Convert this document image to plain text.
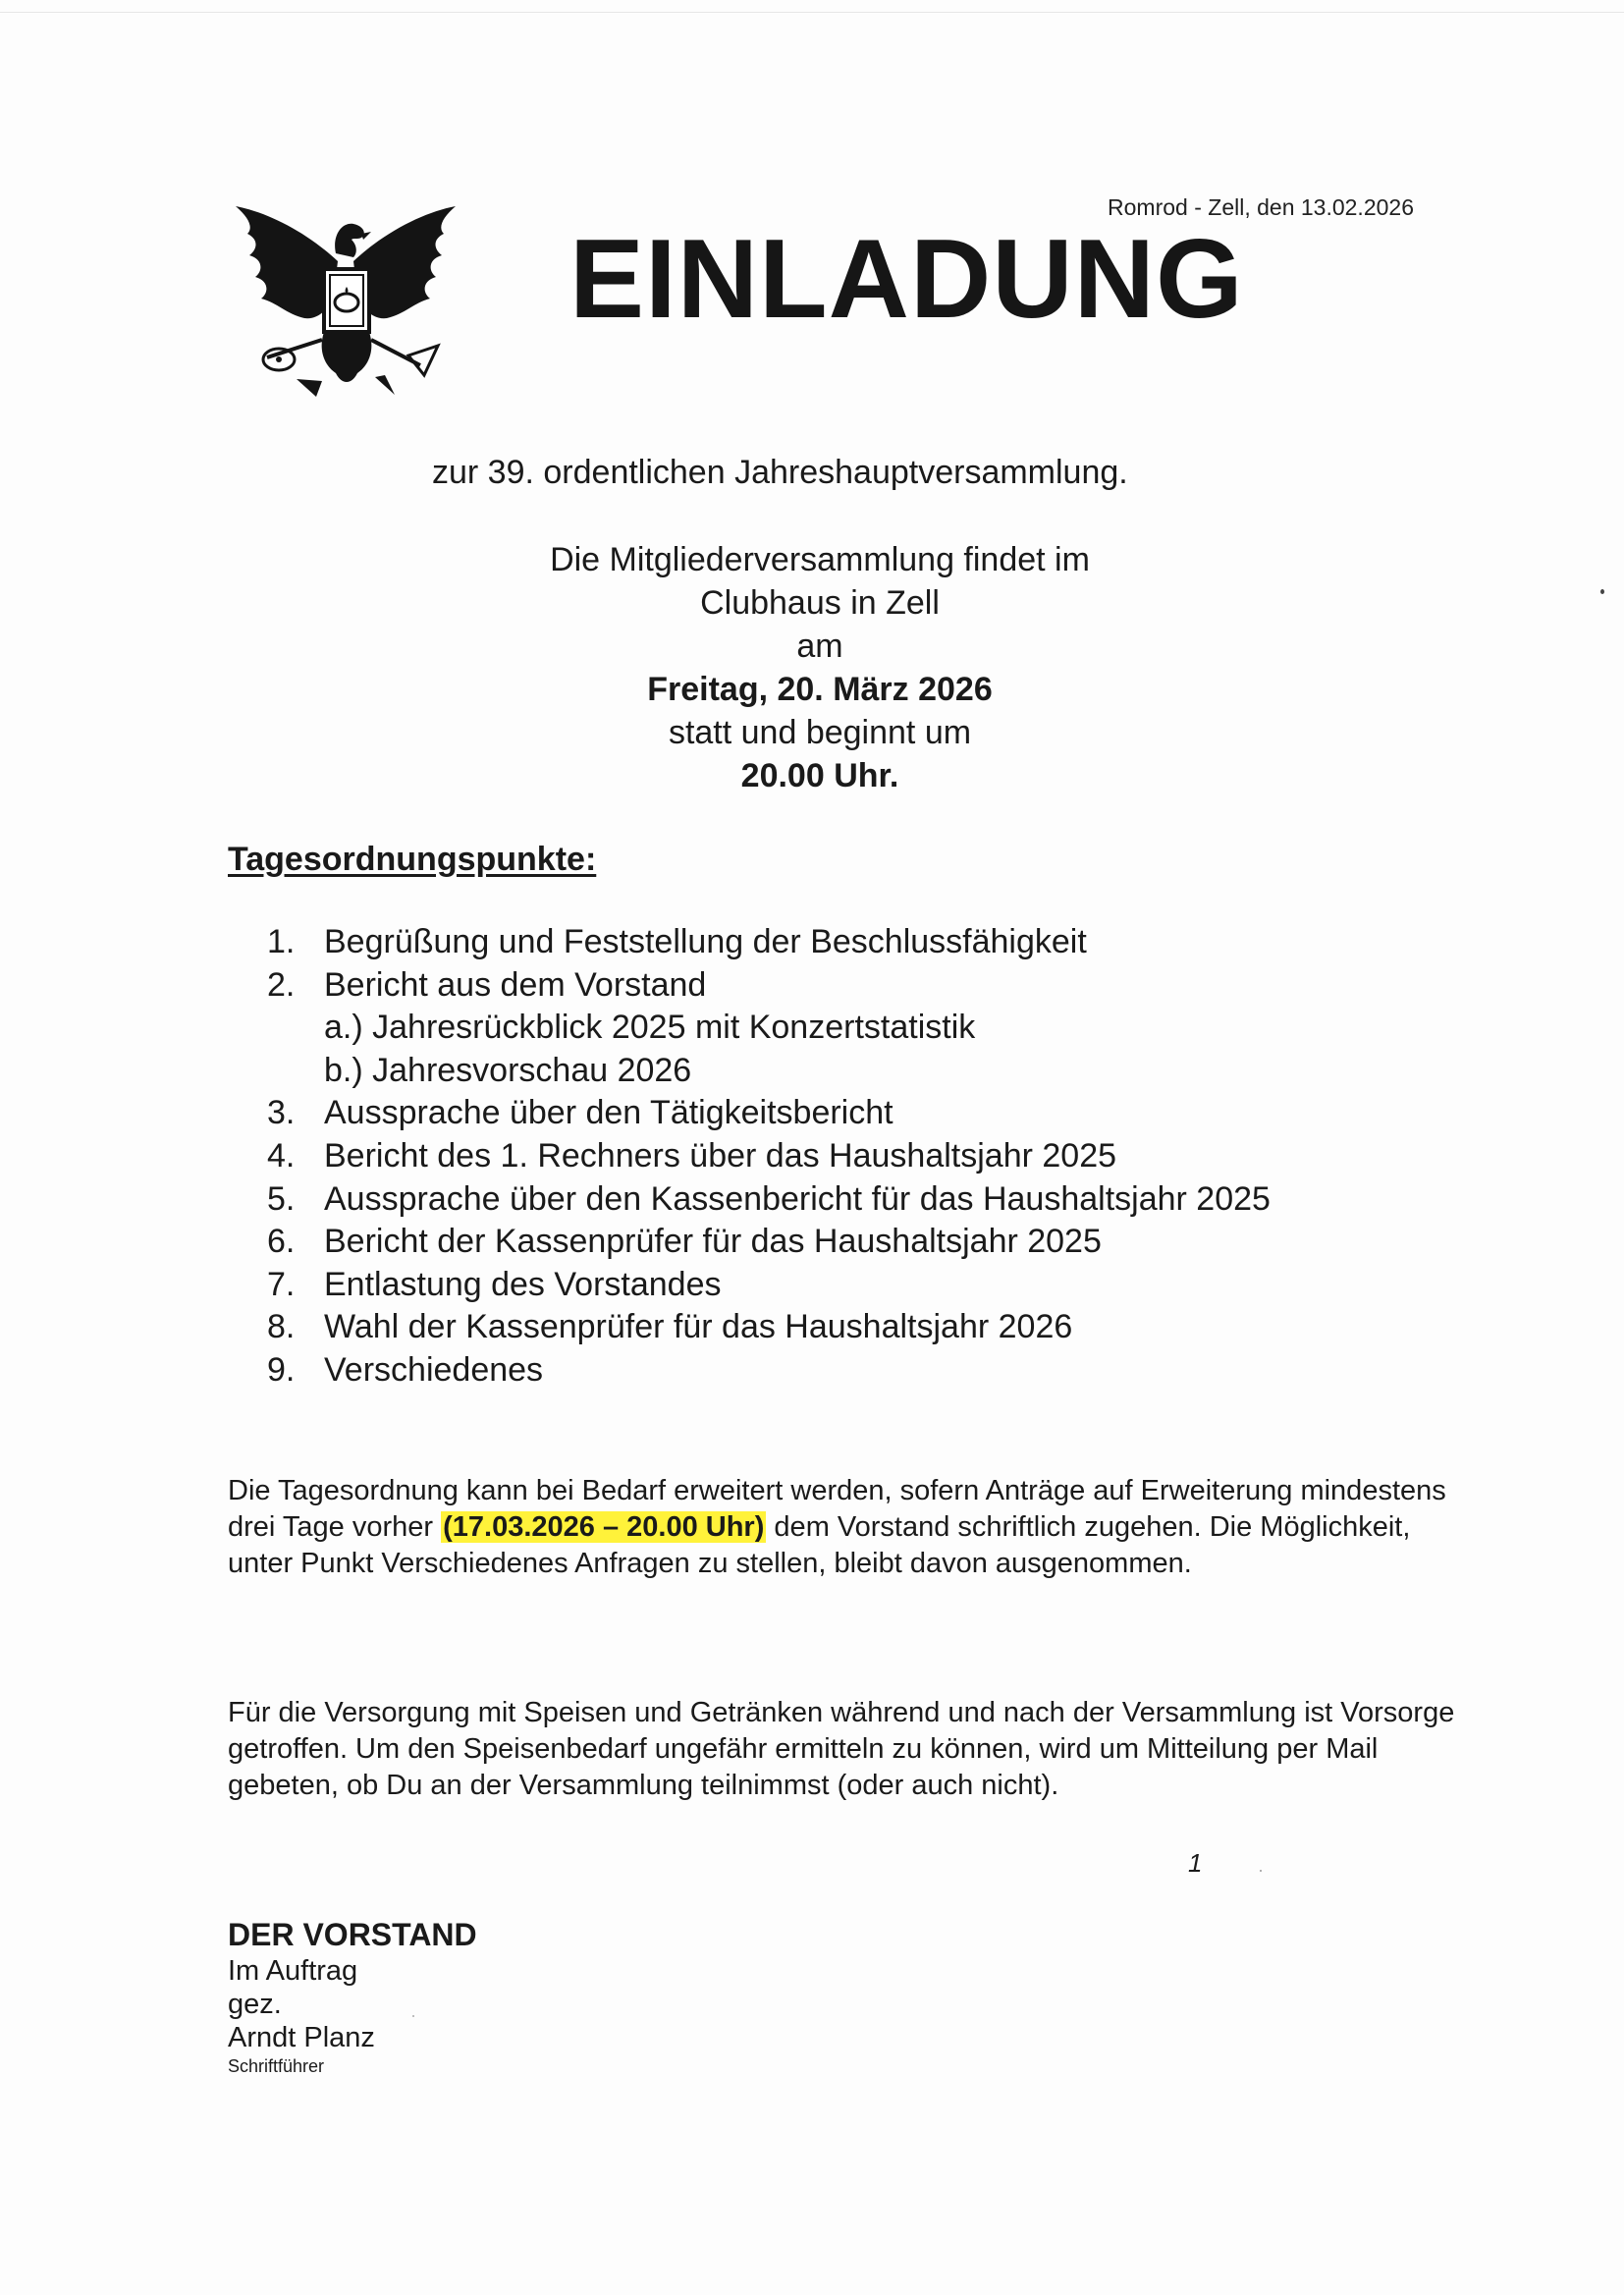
Romrod - Zell, den 13.02.2026
EINLADUNG
zur 39. ordentlichen Jahreshauptversammlung.
Die Mitgliederversammlung findet im
Clubhaus in Zell
am
Freitag, 20. März 2026
statt und beginnt um
20.00 Uhr.
Tagesordnungspunkte:
1. Begrüßung und Feststellung der Beschlussfähigkeit
2. Bericht aus dem Vorstand
a.) Jahresrückblick 2025 mit Konzertstatistik
b.) Jahresvorschau 2026
3. Aussprache über den Tätigkeitsbericht
4. Bericht des 1. Rechners über das Haushaltsjahr 2025
5. Aussprache über den Kassenbericht für das Haushaltsjahr 2025
6. Bericht der Kassenprüfer für das Haushaltsjahr 2025
7. Entlastung des Vorstandes
8. Wahl der Kassenprüfer für das Haushaltsjahr 2026
9. Verschiedenes
Die Tagesordnung kann bei Bedarf erweitert werden, sofern Anträge auf Erweiterung mindestens drei Tage vorher (17.03.2026 – 20.00 Uhr) dem Vorstand schriftlich zugehen. Die Möglichkeit, unter Punkt Verschiedenes Anfragen zu stellen, bleibt davon ausgenommen.
Für die Versorgung mit Speisen und Getränken während und nach der Versammlung ist Vorsorge getroffen. Um den Speisenbedarf ungefähr ermitteln zu können, wird um Mitteilung per Mail gebeten, ob Du an der Versammlung teilnimmst (oder auch nicht).
1
DER VORSTAND
Im Auftrag
gez.
Arndt Planz
Schriftführer
